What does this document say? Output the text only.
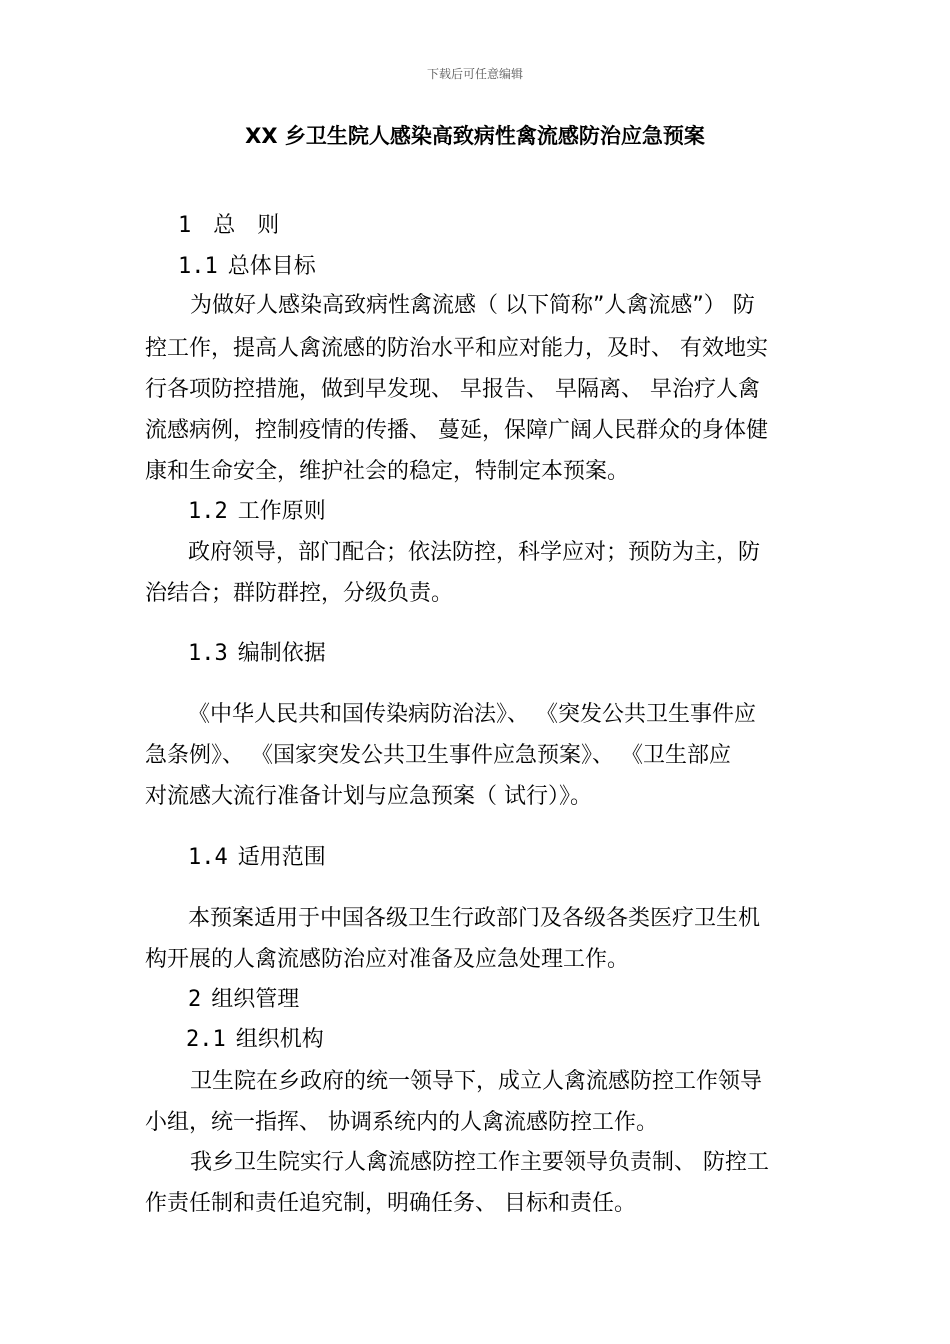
下载后可任意编辑
XX 乡卫生院人感染高致病性禽流感防治应急预案
1 总　则
1.1 总体目标
为做好人感染高致病性禽流感（ 以下简称”人禽流感”） 防
控工作，提高人禽流感的防治水平和应对能力，及时、 有效地实
行各项防控措施，做到早发现、 早报告、 早隔离、 早治疗人禽
流感病例，控制疫情的传播、 蔓延，保障广阔人民群众的身体健
康和生命安全，维护社会的稳定，特制定本预案。
1.2 工作原则
政府领导，部门配合；依法防控，科学应对；预防为主，防
治结合；群防群控，分级负责。
1.3 编制依据
《中华人民共和国传染病防治法》、 《突发公共卫生事件应
急条例》、 《国家突发公共卫生事件应急预案》、 《卫生部应
对流感大流行准备计划与应急预案（ 试行）》。
1.4 适用范围
本预案适用于中国各级卫生行政部门及各级各类医疗卫生机
构开展的人禽流感防治应对准备及应急处理工作。
2 组织管理
2.1 组织机构
卫生院在乡政府的统一领导下，成立人禽流感防控工作领导
小组，统一指挥、 协调系统内的人禽流感防控工作。
我乡卫生院实行人禽流感防控工作主要领导负责制、 防控工
作责任制和责任追究制，明确任务、 目标和责任。
